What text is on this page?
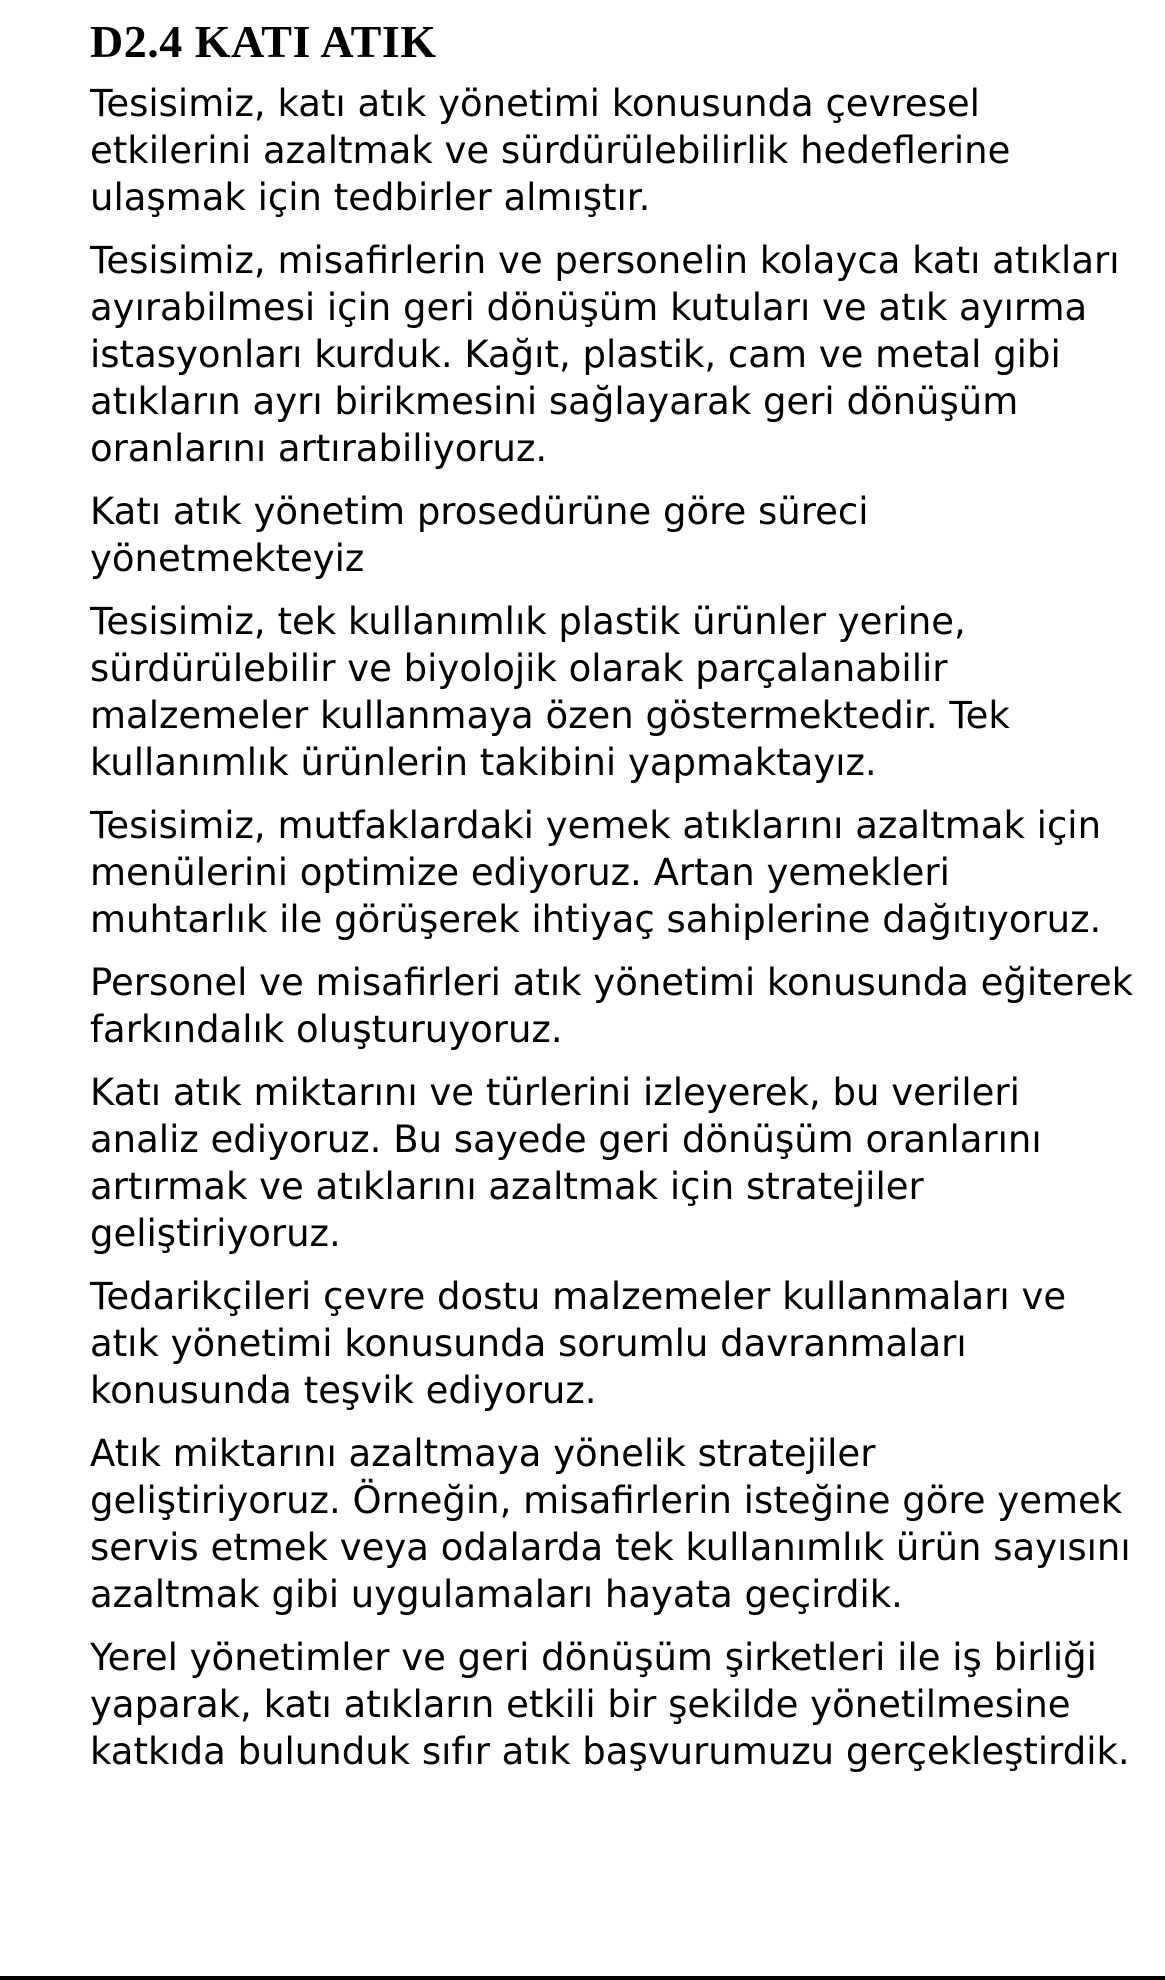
D2.4 KATI ATIK

Tesisimiz, katı atık yönetimi konusunda çevresel etkilerini azaltmak ve sürdürülebilirlik hedeflerine ulaşmak için tedbirler almıştır.

Tesisimiz, misafirlerin ve personelin kolayca katı atıkları ayırabilmesi için geri dönüşüm kutuları ve atık ayırma istasyonları kurduk. Kağıt, plastik, cam ve metal gibi atıkların ayrı birikmesini sağlayarak geri dönüşüm oranlarını artırabiliyoruz.

Katı atık yönetim prosedürüne göre süreci yönetmekteyiz

Tesisimiz, tek kullanımlık plastik ürünler yerine, sürdürülebilir ve biyolojik olarak parçalanabilir malzemeler kullanmaya özen göstermektedir. Tek kullanımlık ürünlerin takibini yapmaktayız.

Tesisimiz, mutfaklardaki yemek atıklarını azaltmak için menülerini optimize ediyoruz. Artan yemekleri muhtarlık ile görüşerek ihtiyaç sahiplerine dağıtıyoruz.

Personel ve misafirleri atık yönetimi konusunda eğiterek farkındalık oluşturuyoruz.

Katı atık miktarını ve türlerini izleyerek, bu verileri analiz ediyoruz. Bu sayede geri dönüşüm oranlarını artırmak ve atıklarını azaltmak için stratejiler geliştiriyoruz.

Tedarikçileri çevre dostu malzemeler kullanmaları ve atık yönetimi konusunda sorumlu davranmaları konusunda teşvik ediyoruz.

Atık miktarını azaltmaya yönelik stratejiler geliştiriyoruz. Örneğin, misafirlerin isteğine göre yemek servis etmek veya odalarda tek kullanımlık ürün sayısını azaltmak gibi uygulamaları hayata geçirdik.

Yerel yönetimler ve geri dönüşüm şirketleri ile iş birliği yaparak, katı atıkların etkili bir şekilde yönetilmesine katkıda bulunduk sıfır atık başvurumuzu gerçekleştirdik.
